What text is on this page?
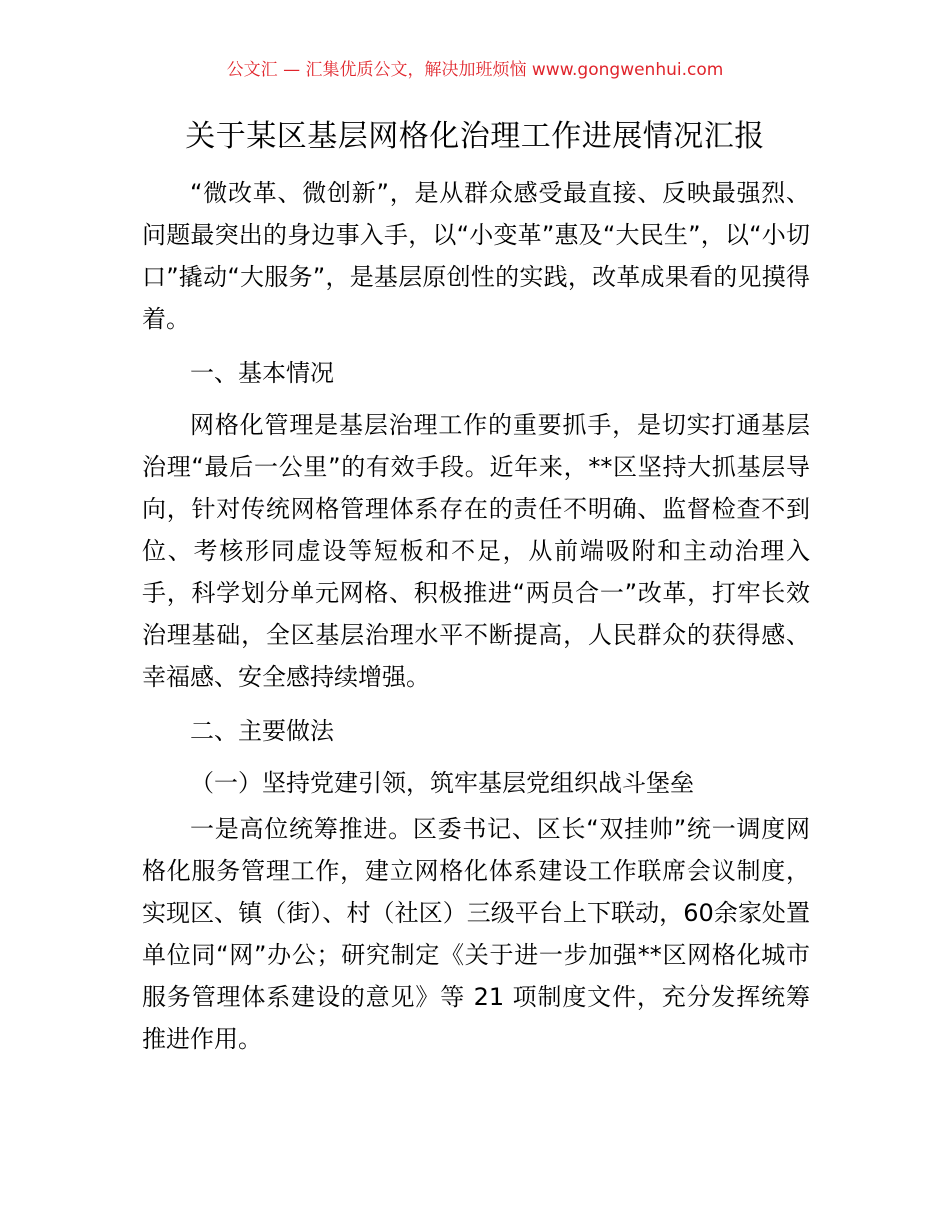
公文汇 — 汇集优质公文，解决加班烦恼 www.gongwenhui.com
关于某区基层网格化治理工作进展情况汇报

“微改革、微创新”，是从群众感受最直接、反映最强烈、问题最突出的身边事入手，以“小变革”惠及“大民生”，以“小切口”撬动“大服务”，是基层原创性的实践，改革成果看的见摸得着。

一、基本情况

网格化管理是基层治理工作的重要抓手，是切实打通基层治理“最后一公里”的有效手段。近年来，**区坚持大抓基层导向，针对传统网格管理体系存在的责任不明确、监督检查不到位、考核形同虚设等短板和不足，从前端吸附和主动治理入手，科学划分单元网格、积极推进“两员合一”改革，打牢长效治理基础，全区基层治理水平不断提高，人民群众的获得感、幸福感、安全感持续增强。

二、主要做法

（一）坚持党建引领，筑牢基层党组织战斗堡垒

一是高位统筹推进。区委书记、区长“双挂帅”统一调度网格化服务管理工作，建立网格化体系建设工作联席会议制度，实现区、镇（街）、村（社区）三级平台上下联动，60余家处置单位同“网”办公；研究制定《关于进一步加强**区网格化城市服务管理体系建设的意见》等 21 项制度文件，充分发挥统筹推进作用。
